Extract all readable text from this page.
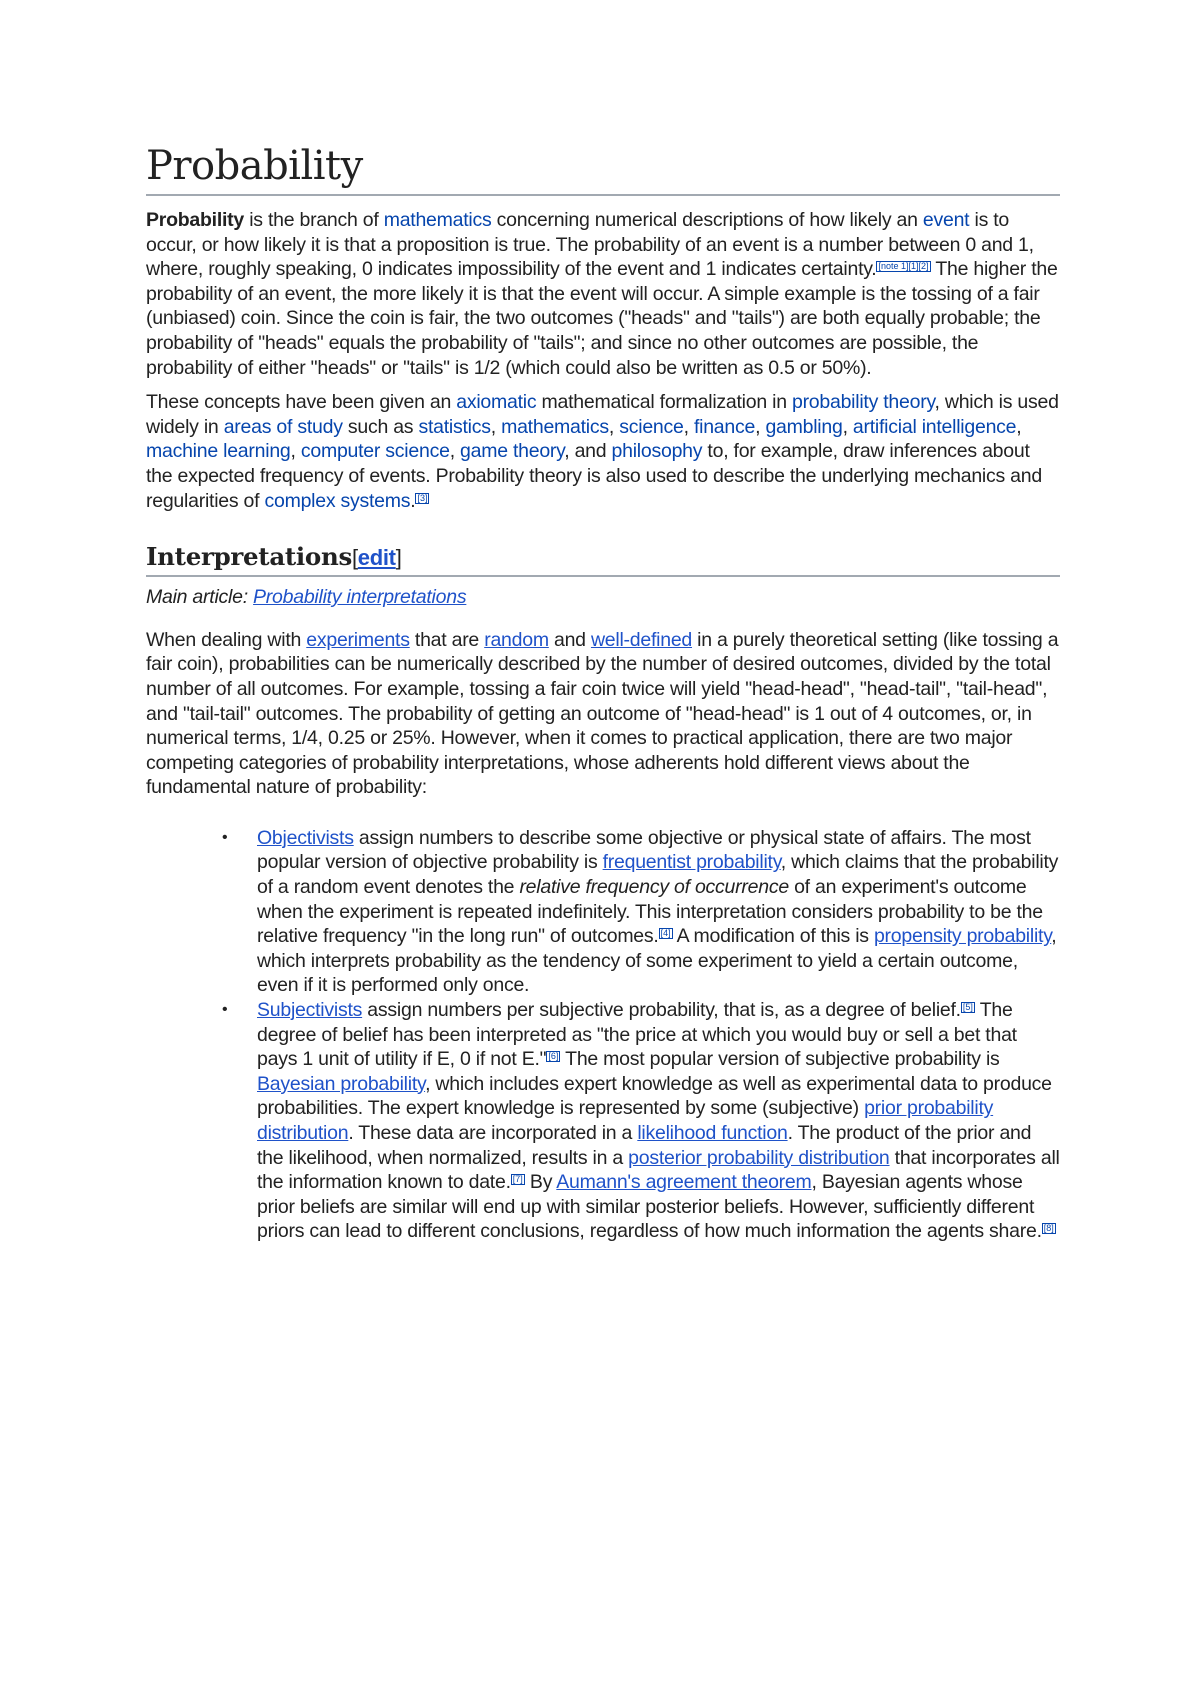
Probability

Probability is the branch of mathematics concerning numerical descriptions of how likely an event is to occur, or how likely it is that a proposition is true. The probability of an event is a number between 0 and 1, where, roughly speaking, 0 indicates impossibility of the event and 1 indicates certainty. [note 1][1][2] The higher the probability of an event, the more likely it is that the event will occur. A simple example is the tossing of a fair (unbiased) coin. Since the coin is fair, the two outcomes ("heads" and "tails") are both equally probable; the probability of "heads" equals the probability of "tails"; and since no other outcomes are possible, the probability of either "heads" or "tails" is 1/2 (which could also be written as 0.5 or 50%).

These concepts have been given an axiomatic mathematical formalization in probability theory, which is used widely in areas of study such as statistics, mathematics, science, finance, gambling, artificial intelligence, machine learning, computer science, game theory, and philosophy to, for example, draw inferences about the expected frequency of events. Probability theory is also used to describe the underlying mechanics and regularities of complex systems. [3]

Interpretations[edit]

Main article: Probability interpretations

When dealing with experiments that are random and well-defined in a purely theoretical setting (like tossing a fair coin), probabilities can be numerically described by the number of desired outcomes, divided by the total number of all outcomes. For example, tossing a fair coin twice will yield "head-head", "head-tail", "tail-head", and "tail-tail" outcomes. The probability of getting an outcome of "head-head" is 1 out of 4 outcomes, or, in numerical terms, 1/4, 0.25 or 25%. However, when it comes to practical application, there are two major competing categories of probability interpretations, whose adherents hold different views about the fundamental nature of probability:

• Objectivists assign numbers to describe some objective or physical state of affairs. The most popular version of objective probability is frequentist probability, which claims that the probability of a random event denotes the relative frequency of occurrence of an experiment's outcome when the experiment is repeated indefinitely. This interpretation considers probability to be the relative frequency "in the long run" of outcomes. [4] A modification of this is propensity probability, which interprets probability as the tendency of some experiment to yield a certain outcome, even if it is performed only once.
• Subjectivists assign numbers per subjective probability, that is, as a degree of belief. [5] The degree of belief has been interpreted as "the price at which you would buy or sell a bet that pays 1 unit of utility if E, 0 if not E." [6] The most popular version of subjective probability is Bayesian probability, which includes expert knowledge as well as experimental data to produce probabilities. The expert knowledge is represented by some (subjective) prior probability distribution. These data are incorporated in a likelihood function. The product of the prior and the likelihood, when normalized, results in a posterior probability distribution that incorporates all the information known to date. [7] By Aumann's agreement theorem, Bayesian agents whose prior beliefs are similar will end up with similar posterior beliefs. However, sufficiently different priors can lead to different conclusions, regardless of how much information the agents share. [8]
